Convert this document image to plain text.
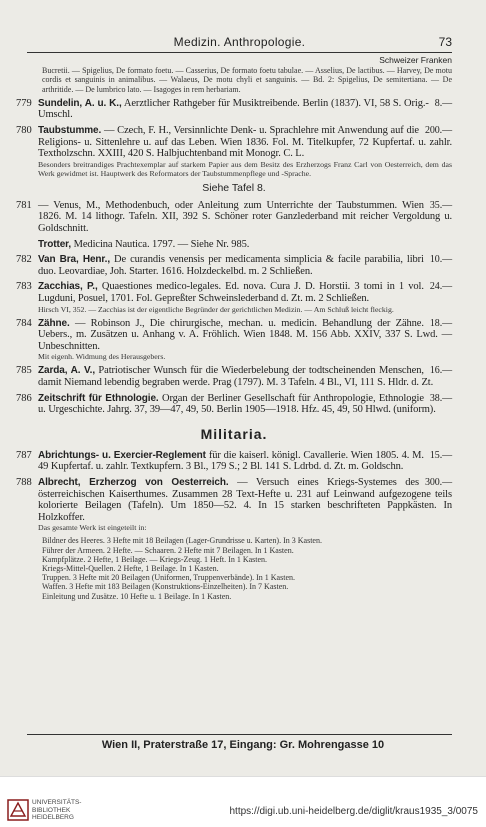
Medizin. Anthropologie.	73
Schweizer Franken
Bucretii. — Spigelius, De formato foetu. — Casserius, De formato foetu tabulae. — Asselius, De lactibus. — Harvey, De motu cordis et sanguinis in animalibus. — Walaeus, De motu chyli et sanguinis. — Bd. 2: Spigelius, De semitertiana. — De arthritide. — De lumbrico lato. — Isagoges in rem herbariam.
779	8.—
Sundelin, A. u. K., Aerztlicher Rathgeber für Musiktreibende. Berlin (1837). VI, 58 S. Orig.-Umschl.
780	200.—
Taubstumme. — Czech, F. H., Versinnlichte Denk- u. Sprachlehre mit Anwendung auf die Religions- u. Sittenlehre u. auf das Leben. Wien 1836. Fol. M. Titelkupfer, 72 Kupfertaf. u. zahlr. Textholzschn. XXIII, 420 S. Halbjuchtenband mit Monogr. C. L.
Besonders breitrandiges Prachtexemplar auf starkem Papier aus dem Besitz des Erzherzogs Franz Carl von Oesterreich, dem das Werk gewidmet ist. Hauptwerk des Reformators der Taubstummenpflege und -Sprache.
Siehe Tafel 8.
781	35.—
— Venus, M., Methodenbuch, oder Anleitung zum Unterrichte der Taubstummen. Wien 1826. M. 14 lithogr. Tafeln. XII, 392 S. Schöner roter Ganzlederband mit reicher Vergoldung u. Goldschnitt.
Trotter, Medicina Nautica. 1797. — Siehe Nr. 985.
782	10.—
Van Bra, Henr., De curandis venensis per medicamenta simplicia & facile parabilia, libri duo. Leovardiae, Joh. Starter. 1616. Holzdeckelbd. m. 2 Schließen.
783	24.—
Zacchias, P., Quaestiones medico-legales. Ed. nova. Cura J. D. Horstii. 3 tomi in 1 vol. Lugduni, Posuel, 1701. Fol. Gepreßter Schweinslederband d. Zt. m. 2 Schließen.
Hirsch VI, 352. — Zacchias ist der eigentliche Begründer der gerichtlichen Medizin. — Am Schluß leicht fleckig.
784	18.—
Zähne. — Robinson J., Die chirurgische, mechan. u. medicin. Behandlung der Zähne. Uebers., m. Zusätzen u. Anhang v. A. Fröhlich. Wien 1848. M. 156 Abb. XXIV, 337 S. Lwd. — Unbeschnitten.
Mit eigenh. Widmung des Herausgebers.
785	16.—
Zarda, A. V., Patriotischer Wunsch für die Wiederbelebung der todtscheinenden Menschen, damit Niemand lebendig begraben werde. Prag (1797). M. 3 Tafeln. 4 Bl., VI, 111 S. Hldr. d. Zt.
786	38.—
Zeitschrift für Ethnologie. Organ der Berliner Gesellschaft für Anthropologie, Ethnologie u. Urgeschichte. Jahrg. 37, 39—47, 49, 50. Berlin 1905—1918. Hfz. 45, 49, 50 Hlwd. (uniform).
Militaria.
787	15.—
Abrichtungs- u. Exercier-Reglement für die kaiserl. königl. Cavallerie. Wien 1805. 4. M. 49 Kupfertaf. u. zahlr. Textkupfern. 3 Bl., 179 S.; 2 Bl. 141 S. Ldrbd. d. Zt. m. Goldschn.
788	300.—
Albrecht, Erzherzog von Oesterreich. — Versuch eines Kriegs-Systemes des österreichischen Kaiserthumes. Zusammen 28 Text-Hefte u. 231 auf Leinwand aufgezogene teils kolorierte Beilagen (Tafeln). Um 1850—52. 4. In 15 starken beschrifteten Pappkästen. In Holzkoffer.
Das gesamte Werk ist eingeteilt in:
Bildner des Heeres. 3 Hefte mit 18 Beilagen (Lager-Grundrisse u. Karten). In 3 Kasten.
Führer der Armeen. 2 Hefte. — Schaaren. 2 Hefte mit 7 Beilagen. In 1 Kasten.
Kampfplätze. 2 Hefte, 1 Beilage. — Kriegs-Zeug. 1 Heft. In 1 Kasten.
Kriegs-Mittel-Quellen. 2 Hefte, 1 Beilage. In 1 Kasten.
Truppen. 3 Hefte mit 20 Beilagen (Uniformen, Truppenverbände). In 1 Kasten.
Waffen. 3 Hefte mit 183 Beilagen (Konstruktions-Einzelheiten). In 7 Kasten.
Einleitung und Zusätze. 10 Hefte u. 1 Beilage. In 1 Kasten.
Wien II, Praterstraße 17, Eingang: Gr. Mohrengasse 10
UNIVERSITÄTS-
BIBLIOTHEK
HEIDELBERG
https://digi.ub.uni-heidelberg.de/diglit/kraus1935_3/0075
